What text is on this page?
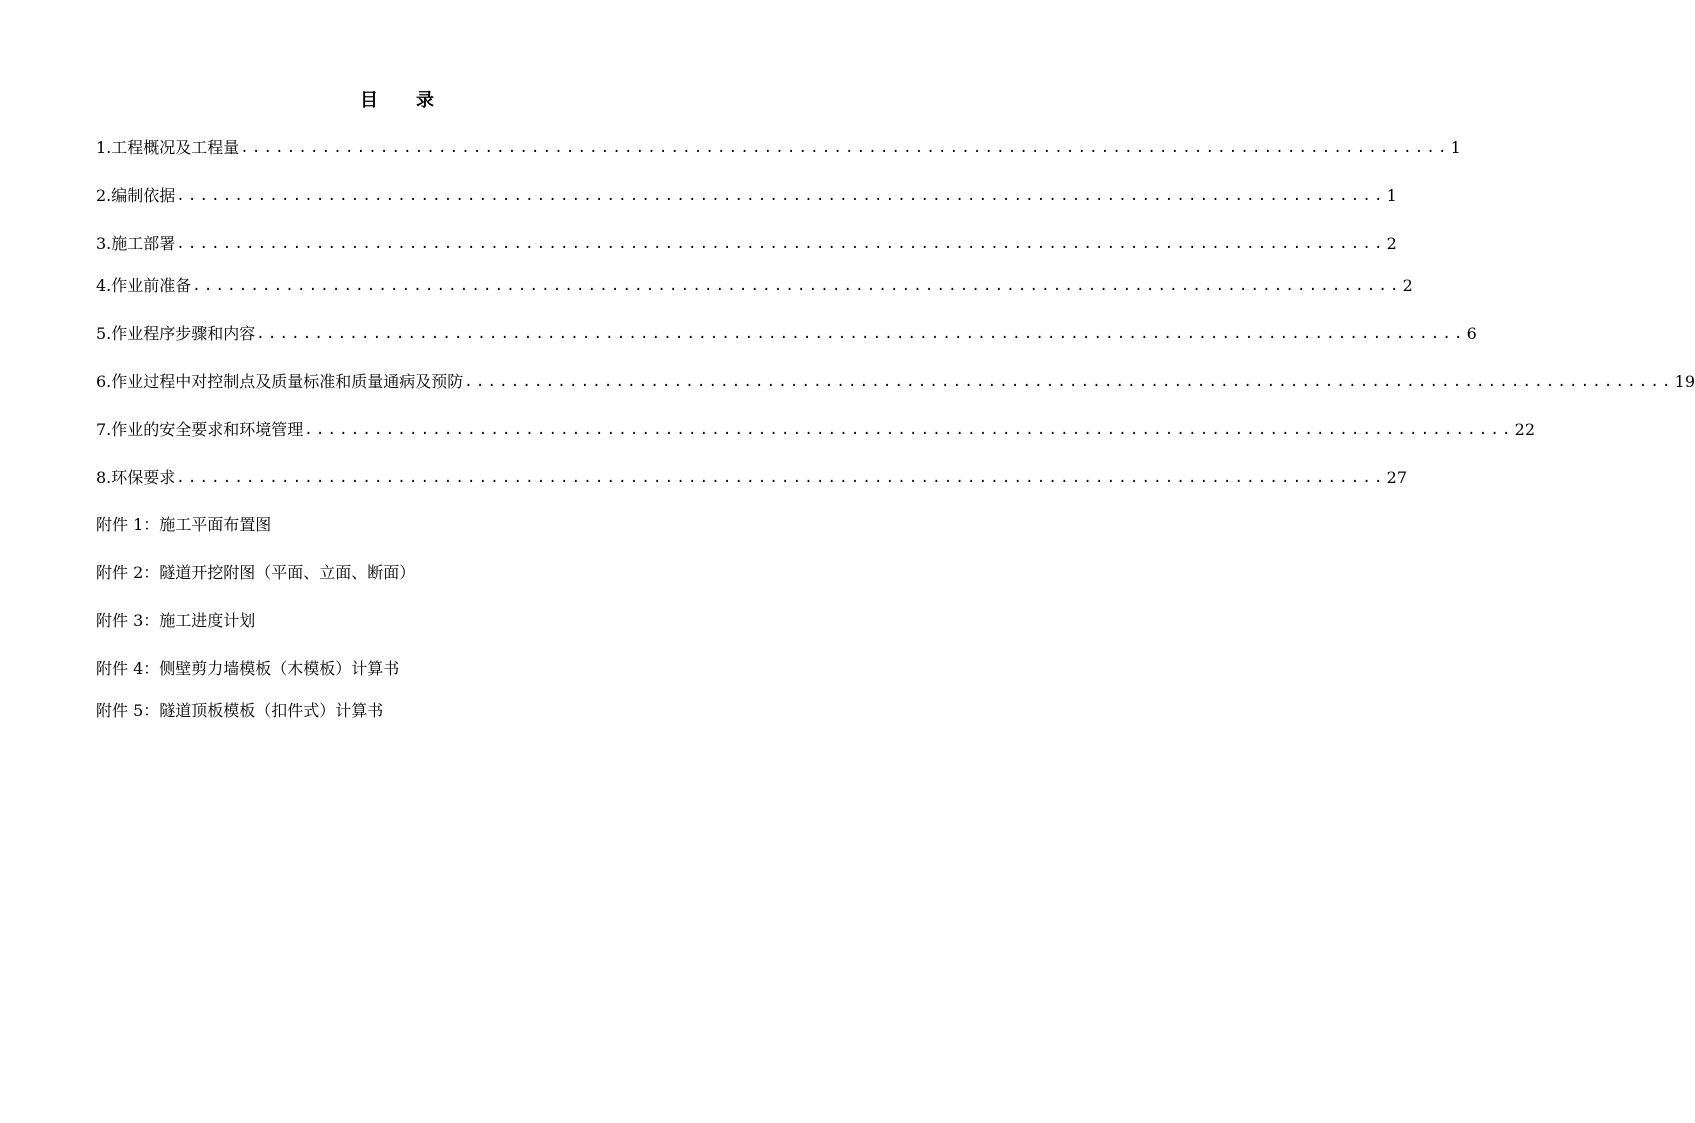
目 录
1.工程概况及工程量 ........................................................................................................ 1
2.编制依据 ........................................................................................................ 1
3.施工部署 ........................................................................................................ 2
4.作业前准备 ........................................................................................................ 2
5.作业程序步骤和内容 ........................................................................................................ 6
6.作业过程中对控制点及质量标准和质量通病及预防 ........................................................................................................ 19
7.作业的安全要求和环境管理 ........................................................................................................ 22
8.环保要求 ........................................................................................................ 27
附件 1：施工平面布置图
附件 2：隧道开挖附图（平面、立面、断面）
附件 3：施工进度计划
附件 4：侧壁剪力墙模板（木模板）计算书
附件 5：隧道顶板模板（扣件式）计算书
